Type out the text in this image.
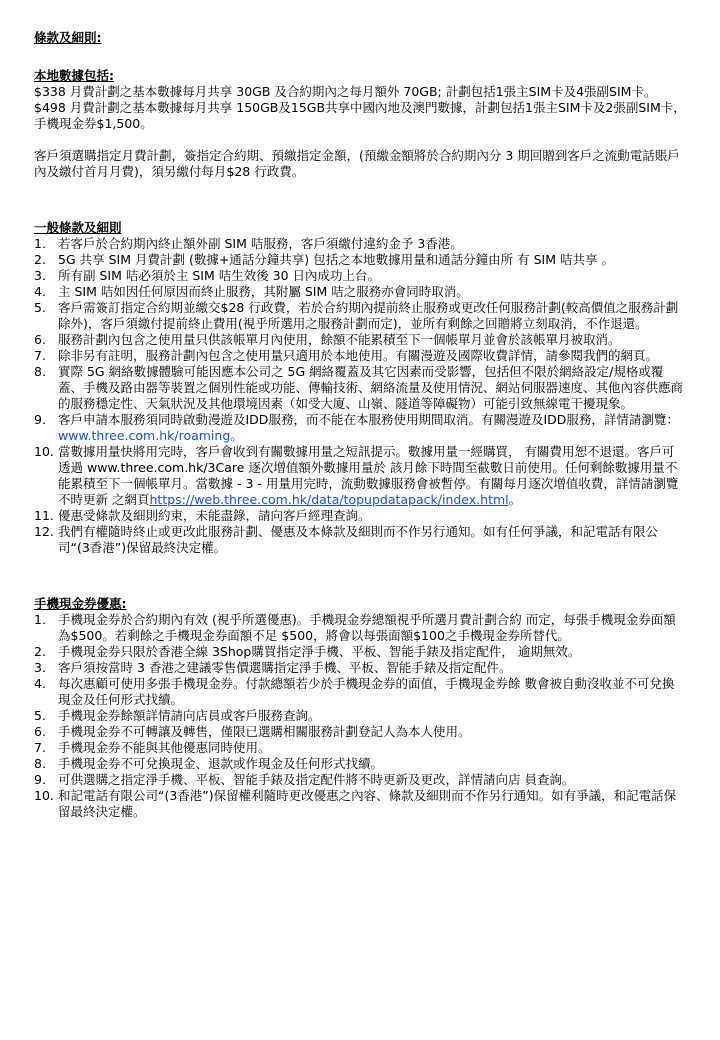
條款及細則:

本地數據包括:

$338 月費計劃之基本數據每月共享 30GB 及合約期內之每月額外 70GB; 計劃包括1張主SIM卡及4張副SIM卡。

$498 月費計劃之基本數據每月共享 150GB及15GB共享中國內地及澳門數據，計劃包括1張主SIM卡及2張副SIM卡，手機現金券$1,500。

客戶須選購指定月費計劃，簽指定合約期、預繳指定金額，(預繳金額將於合約期內分 3 期回贈到客戶之流動電話賬戶內及繳付首月月費)，須另繳付每月$28 行政費。

一般條款及細則

1. 若客戶於合約期內終止額外副 SIM 咭服務，客戶須繳付違約金予 3香港。
2. 5G 共享 SIM 月費計劃 (數據+通話分鐘共享) 包括之本地數據用量和通話分鐘由所 有 SIM 咭共享 。
3. 所有副 SIM 咭必須於主 SIM 咭生效後 30 日內成功上台。
4. 主 SIM 咭如因任何原因而終止服務，其附屬 SIM 咭之服務亦會同時取消。
5. 客戶需簽訂指定合約期並繳交$28 行政費，若於合約期內提前終止服務或更改任何服務計劃(較高價值之服務計劃除外)，客戶須繳付提前終止費用(視乎所選用之服務計劃而定)，並所有剩餘之回贈將立刻取消，不作退還。
6. 服務計劃內包含之使用量只供該帳單月內使用，餘額不能累積至下一個帳單月並會於該帳單月被取消。
7. 除非另有註明，服務計劃內包含之使用量只適用於本地使用。有關漫遊及國際收費詳情，請參閱我們的網頁。
8. 實際 5G 網絡數據體驗可能因應本公司之 5G 網絡覆蓋及其它因素而受影響，包括但不限於網絡設定/規格或覆蓋、手機及路由器等裝置之個別性能或功能、傳輸技術、網絡流量及使用情況、網站伺服器速度、其他內容供應商的服務穩定性、天氣狀況及其他環境因素（如受大廈、山嶺、隧道等障礙物）可能引致無線電干擾現象。
9. 客戶申請本服務須同時啟動漫遊及IDD服務，而不能在本服務使用期間取消。有關漫遊及IDD服務，詳情請瀏覽：www.three.com.hk/roaming。
10. 當數據用量快將用完時，客戶會收到有關數據用量之短訊提示。數據用量一經購買， 有關費用恕不退還。客戶可透過 www.three.com.hk/3Care 逐次增值額外數據用量於 該月餘下時間至截數日前使用。任何剩餘數據用量不能累積至下一個帳單月。當數據 - 3 - 用量用完時，流動數據服務會被暫停。有關每月逐次增值收費，詳情請瀏覽不時更新 之網頁https://web.three.com.hk/data/topupdatapack/index.html。
11. 優惠受條款及細則約束，未能盡錄，請向客戶經理查詢。
12. 我們有權隨時終止或更改此服務計劃、優惠及本條款及細則而不作另行通知。如有任何爭議，和記電話有限公司“(3香港”)保留最終決定權。

手機現金券優惠:

1. 手機現金券於合約期內有效 (視乎所選優惠)。手機現金券總額視乎所選月費計劃合約 而定，每張手機現金券面額為$500。若剩餘之手機現金券面額不足 $500，將會以每張面額$100之手機現金券所替代。
2. 手機現金券只限於香港全線 3Shop購買指定淨手機、平板、智能手錶及指定配件， 逾期無效。
3. 客戶須按當時 3 香港之建議零售價選購指定淨手機、平板、智能手錶及指定配件。
4. 每次惠顧可使用多張手機現金券。付款總額若少於手機現金券的面值，手機現金券餘 數會被自動沒收並不可兌換現金及任何形式找續。
5. 手機現金券餘額詳情請向店員或客戶服務查詢。
6. 手機現金券不可轉讓及轉售，僅限已選購相關服務計劃登記人為本人使用。
7. 手機現金券不能與其他優惠同時使用。
8. 手機現金券不可兌換現金、退款或作現金及任何形式找續。
9. 可供選購之指定淨手機、平板、智能手錶及指定配件將不時更新及更改，詳情請向店 員查詢。
10. 和記電話有限公司“(3香港”)保留權利隨時更改優惠之內容、條款及細則而不作另行通知。如有爭議，和記電話保留最終決定權。
